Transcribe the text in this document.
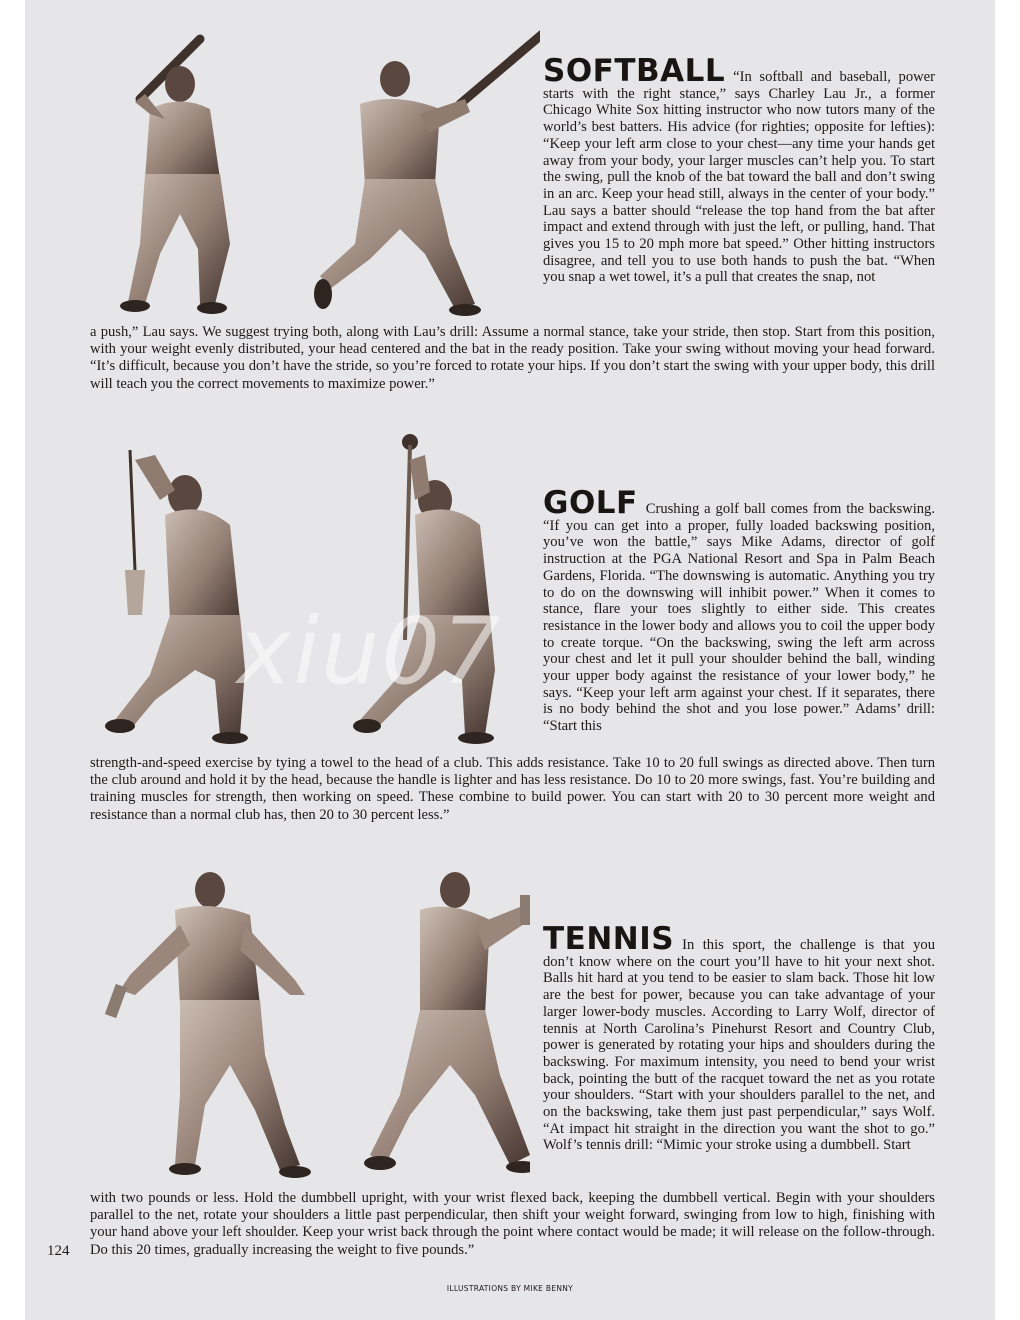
SOFTBALL “In softball and baseball, power starts with the right stance,” says Charley Lau Jr., a former Chicago White Sox hitting instructor who now tutors many of the world’s best batters. His advice (for righties; opposite for lefties): “Keep your left arm close to your chest—any time your hands get away from your body, your larger muscles can’t help you. To start the swing, pull the knob of the bat toward the ball and don’t swing in an arc. Keep your head still, always in the center of your body.” Lau says a batter should “release the top hand from the bat after impact and extend through with just the left, or pulling, hand. That gives you 15 to 20 mph more bat speed.” Other hitting instructors disagree, and tell you to use both hands to push the bat. “When you snap a wet towel, it’s a pull that creates the snap, not
a push,” Lau says. We suggest trying both, along with Lau’s drill: Assume a normal stance, take your stride, then stop. Start from this position, with your weight evenly distributed, your head centered and the bat in the ready position. Take your swing without moving your head forward. “It’s difficult, because you don’t have the stride, so you’re forced to rotate your hips. If you don’t start the swing with your upper body, this drill will teach you the correct movements to maximize power.”
GOLF Crushing a golf ball comes from the backswing. “If you can get into a proper, fully loaded backswing position, you’ve won the battle,” says Mike Adams, director of golf instruction at the PGA National Resort and Spa in Palm Beach Gardens, Florida. “The downswing is automatic. Anything you try to do on the downswing will inhibit power.” When it comes to stance, flare your toes slightly to either side. This creates resistance in the lower body and allows you to coil the upper body to create torque. “On the backswing, swing the left arm across your chest and let it pull your shoulder behind the ball, winding your upper body against the resistance of your lower body,” he says. “Keep your left arm against your chest. If it separates, there is no body behind the shot and you lose power.” Adams’ drill: “Start this
strength-and-speed exercise by tying a towel to the head of a club. This adds resistance. Take 10 to 20 full swings as directed above. Then turn the club around and hold it by the head, because the handle is lighter and has less resistance. Do 10 to 20 more swings, fast. You’re building and training muscles for strength, then working on speed. These combine to build power. You can start with 20 to 30 percent more weight and resistance than a normal club has, then 20 to 30 percent less.”
TENNIS In this sport, the challenge is that you don’t know where on the court you’ll have to hit your next shot. Balls hit hard at you tend to be easier to slam back. Those hit low are the best for power, because you can take advantage of your larger lower-body muscles. According to Larry Wolf, director of tennis at North Carolina’s Pinehurst Resort and Country Club, power is generated by rotating your hips and shoulders during the backswing. For maximum intensity, you need to bend your wrist back, pointing the butt of the racquet toward the net as you rotate your shoulders. “Start with your shoulders parallel to the net, and on the backswing, take them just past perpendicular,” says Wolf. “At impact hit straight in the direction you want the shot to go.” Wolf’s tennis drill: “Mimic your stroke using a dumbbell. Start
with two pounds or less. Hold the dumbbell upright, with your wrist flexed back, keeping the dumbbell vertical. Begin with your shoulders parallel to the net, rotate your shoulders a little past perpendicular, then shift your weight forward, swinging from low to high, finishing with your hand above your left shoulder. Keep your wrist back through the point where contact would be made; it will release on the follow-through. Do this 20 times, gradually increasing the weight to five pounds.”
124
ILLUSTRATIONS BY MIKE BENNY
xiu07
